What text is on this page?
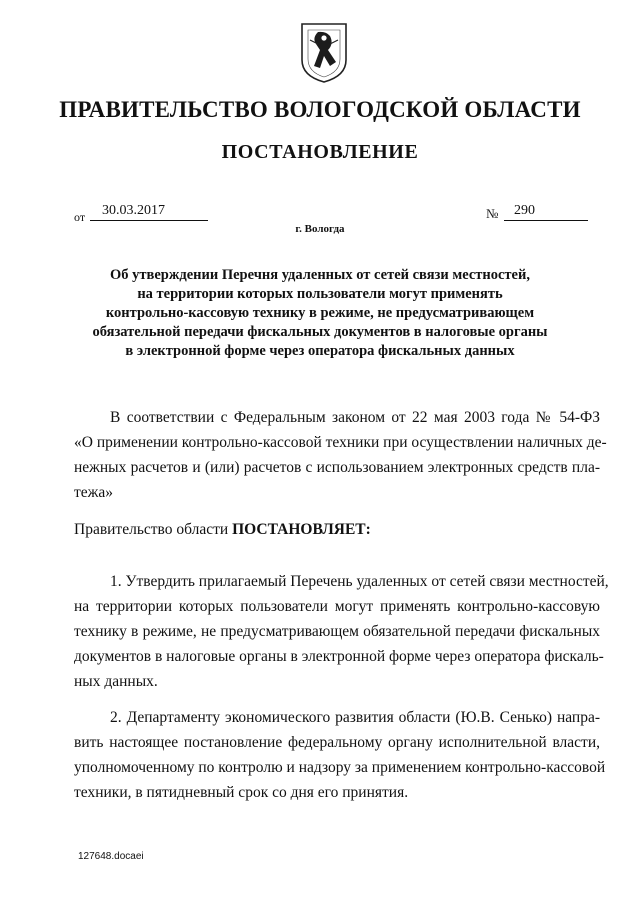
ПРАВИТЕЛЬСТВО ВОЛОГОДСКОЙ ОБЛАСТИ
ПОСТАНОВЛЕНИЕ
от 30.03.2017	№ 290
г. Вологда
Об утверждении Перечня удаленных от сетей связи местностей,
на территории которых пользователи могут применять
контрольно-кассовую технику в режиме, не предусматривающем
обязательной передачи фискальных документов в налоговые органы
в электронной форме через оператора фискальных данных
В соответствии с Федеральным законом от 22 мая 2003 года № 54-ФЗ
«О применении контрольно-кассовой техники при осуществлении наличных де-
нежных расчетов и (или) расчетов с использованием электронных средств пла-
тежа»
Правительство области ПОСТАНОВЛЯЕТ:
1. Утвердить прилагаемый Перечень удаленных от сетей связи местностей,
на территории которых пользователи могут применять контрольно-кассовую
технику в режиме, не предусматривающем обязательной передачи фискальных
документов в налоговые органы в электронной форме через оператора фискаль-
ных данных.
2. Департаменту экономического развития области (Ю.В. Сенько) напра-
вить настоящее постановление федеральному органу исполнительной власти,
уполномоченному по контролю и надзору за применением контрольно-кассовой
техники, в пятидневный срок со дня его принятия.
127648.docaei
